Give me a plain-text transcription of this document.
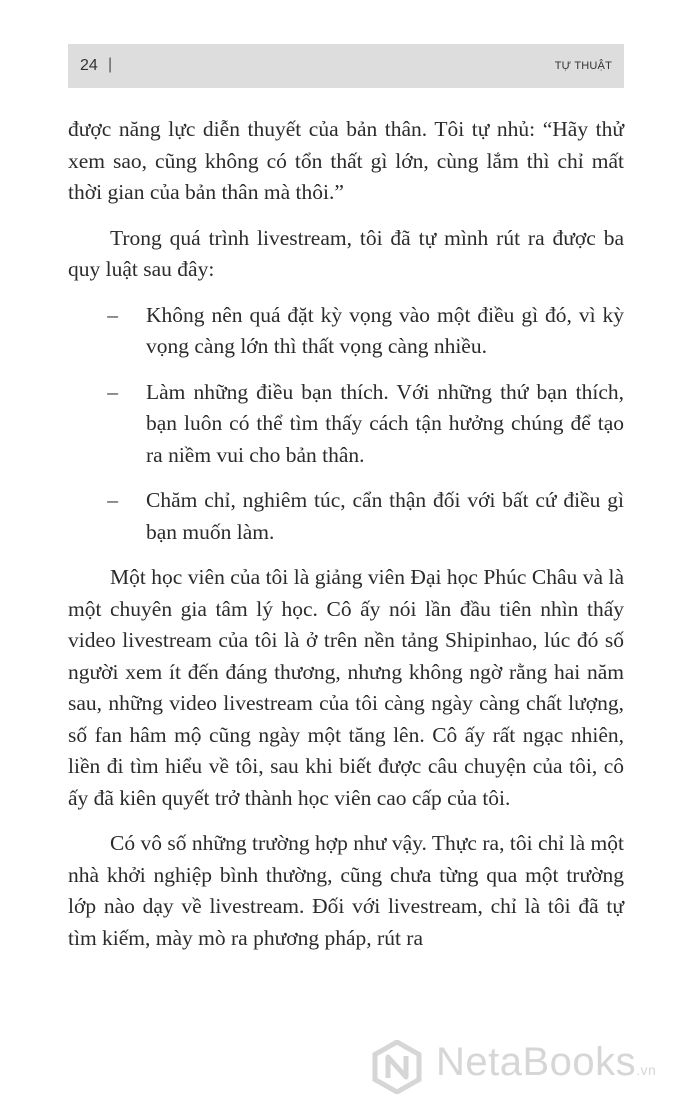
24 |	TỰ THUẬT

được năng lực diễn thuyết của bản thân. Tôi tự nhủ: “Hãy thử xem sao, cũng không có tổn thất gì lớn, cùng lắm thì chỉ mất thời gian của bản thân mà thôi.”

Trong quá trình livestream, tôi đã tự mình rút ra được ba quy luật sau đây:

–	Không nên quá đặt kỳ vọng vào một điều gì đó, vì kỳ vọng càng lớn thì thất vọng càng nhiều.
–	Làm những điều bạn thích. Với những thứ bạn thích, bạn luôn có thể tìm thấy cách tận hưởng chúng để tạo ra niềm vui cho bản thân.
–	Chăm chỉ, nghiêm túc, cẩn thận đối với bất cứ điều gì bạn muốn làm.

Một học viên của tôi là giảng viên Đại học Phúc Châu và là một chuyên gia tâm lý học. Cô ấy nói lần đầu tiên nhìn thấy video livestream của tôi là ở trên nền tảng Shipinhao, lúc đó số người xem ít đến đáng thương, nhưng không ngờ rằng hai năm sau, những video livestream của tôi càng ngày càng chất lượng, số fan hâm mộ cũng ngày một tăng lên. Cô ấy rất ngạc nhiên, liền đi tìm hiểu về tôi, sau khi biết được câu chuyện của tôi, cô ấy đã kiên quyết trở thành học viên cao cấp của tôi.

Có vô số những trường hợp như vậy. Thực ra, tôi chỉ là một nhà khởi nghiệp bình thường, cũng chưa từng qua một trường lớp nào dạy về livestream. Đối với livestream, chỉ là tôi đã tự tìm kiếm, mày mò ra phương pháp, rút ra

NetaBooks.vn
